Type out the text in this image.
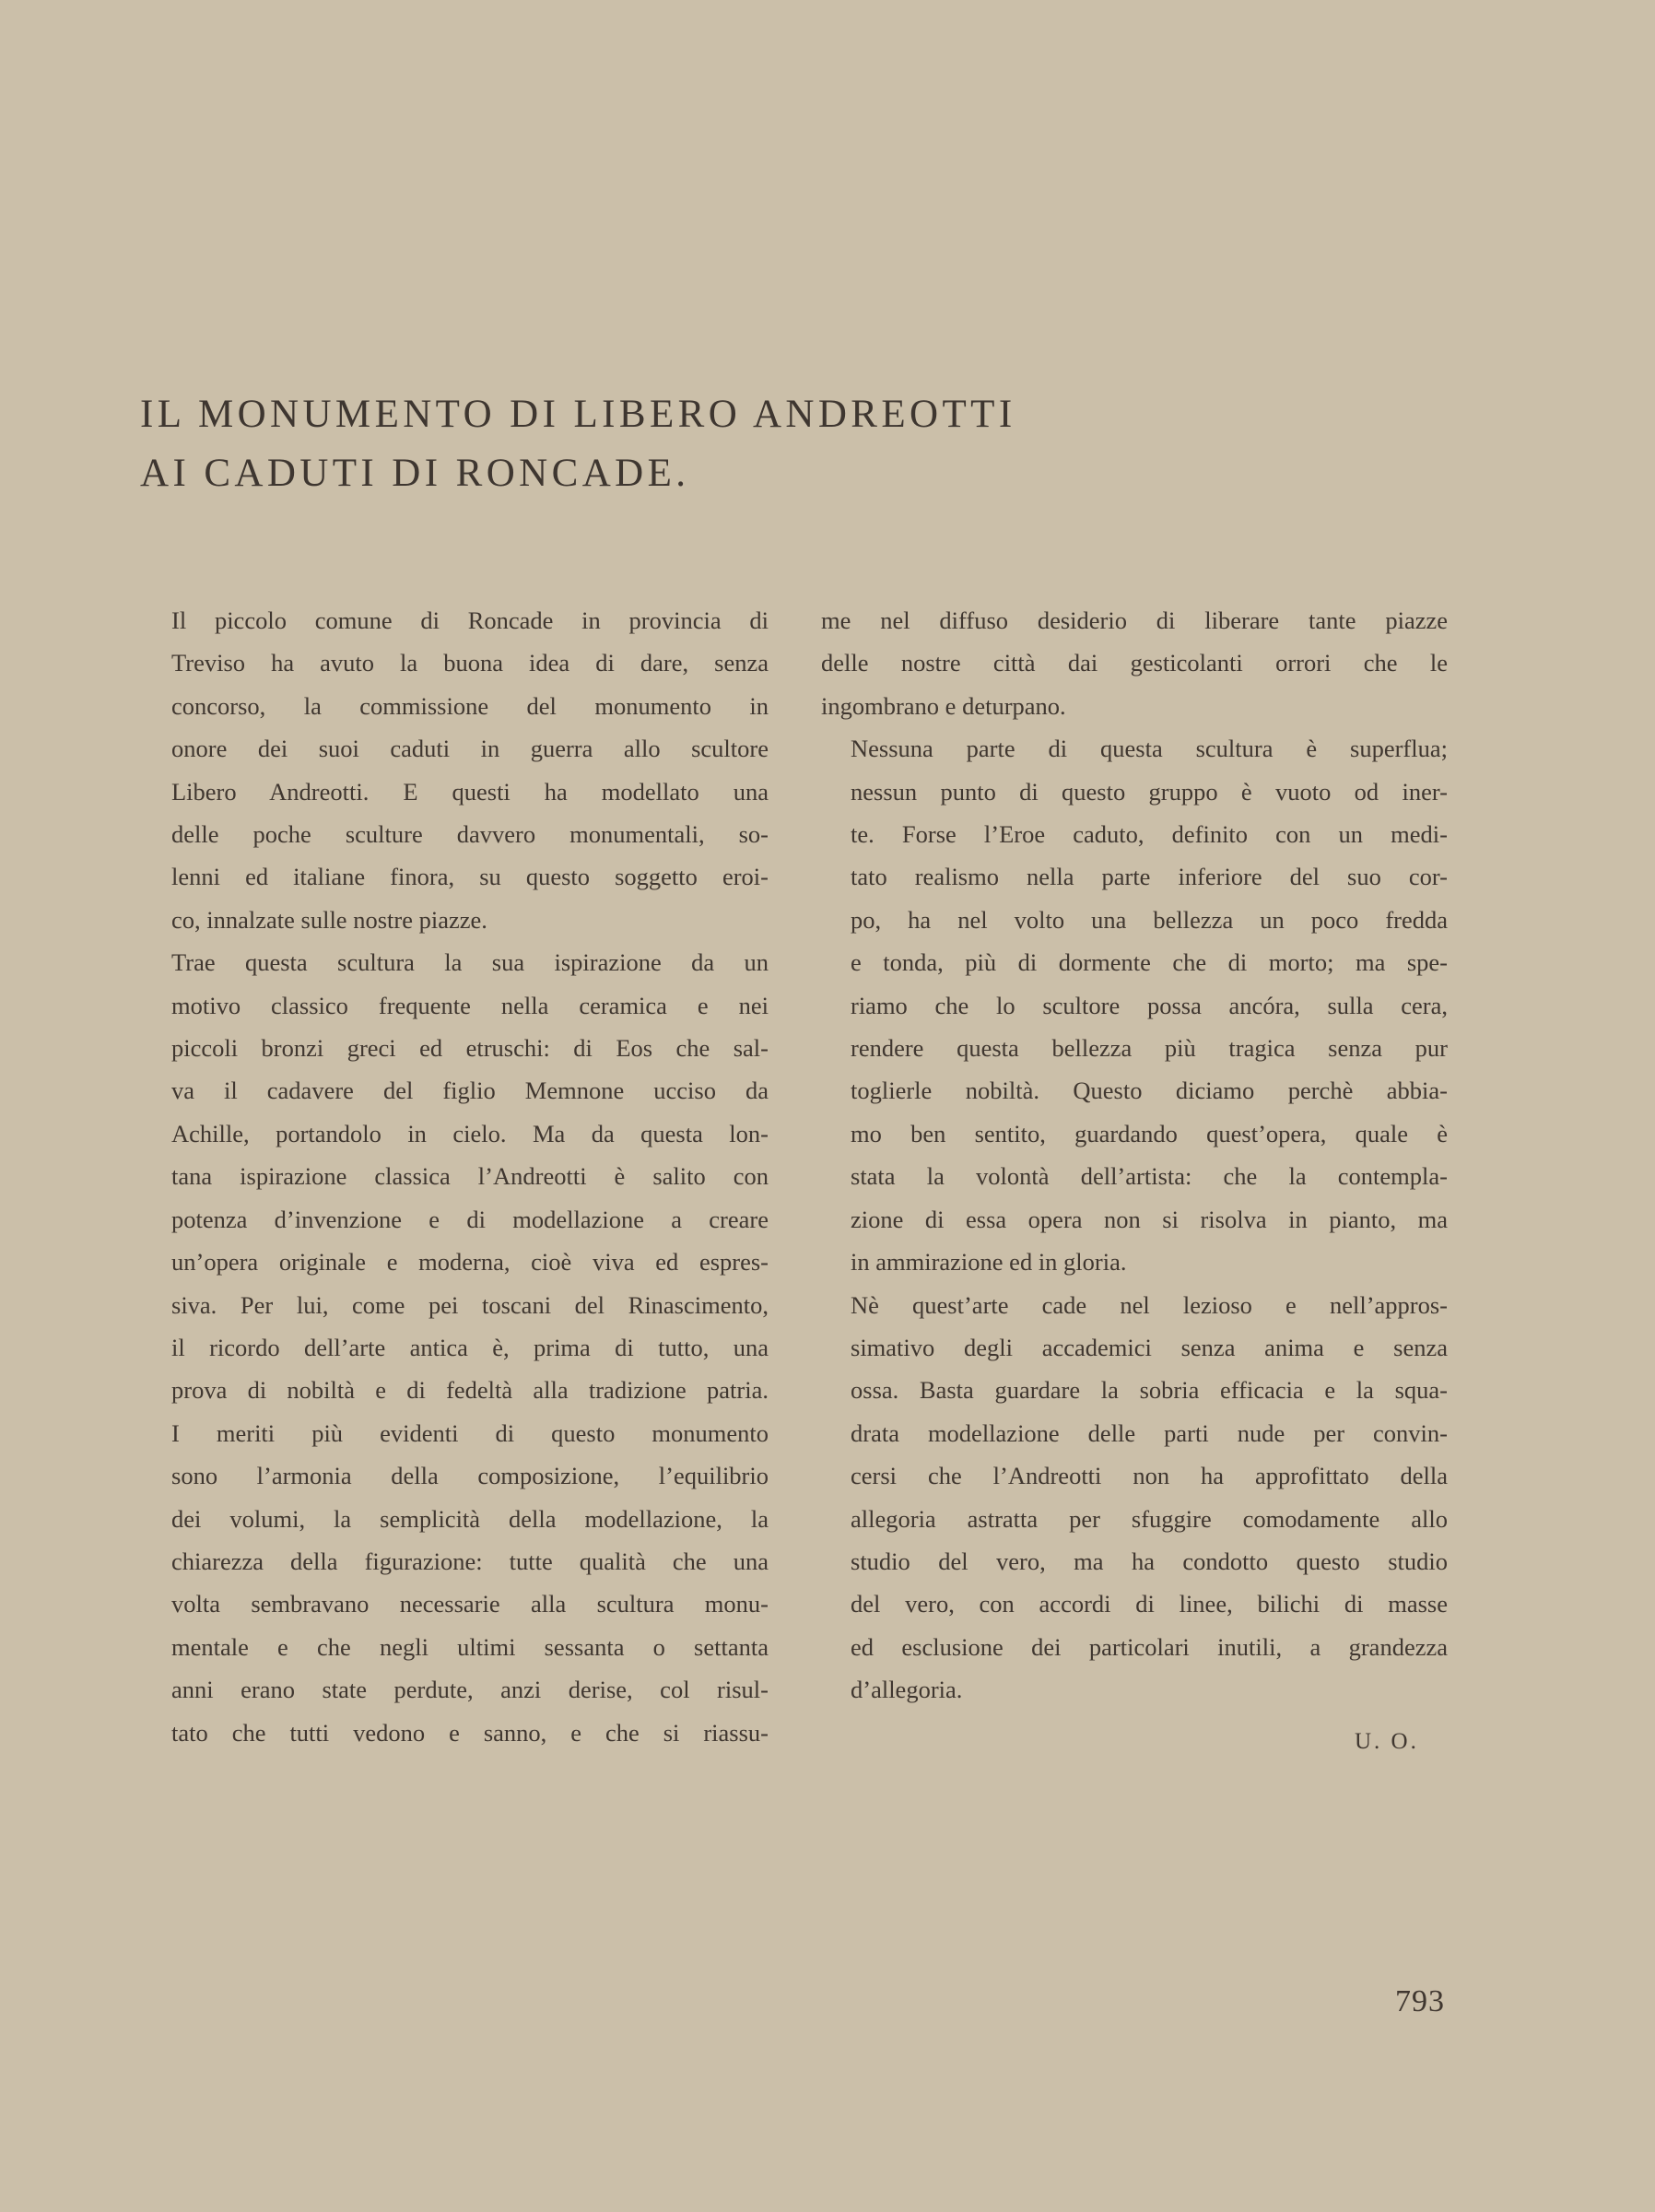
IL MONUMENTO DI LIBERO ANDREOTTI
AI CADUTI DI RONCADE.

Il piccolo comune di Roncade in provincia di
Treviso ha avuto la buona idea di dare, senza
concorso, la commissione del monumento in
onore dei suoi caduti in guerra allo scultore
Libero Andreotti. E questi ha modellato una
delle poche sculture davvero monumentali, so-
lenni ed italiane finora, su questo soggetto eroi-
co, innalzate sulle nostre piazze.

Trae questa scultura la sua ispirazione da un
motivo classico frequente nella ceramica e nei
piccoli bronzi greci ed etruschi: di Eos che sal-
va il cadavere del figlio Memnone ucciso da
Achille, portandolo in cielo. Ma da questa lon-
tana ispirazione classica l’Andreotti è salito con
potenza d’invenzione e di modellazione a creare
un’opera originale e moderna, cioè viva ed espres-
siva. Per lui, come pei toscani del Rinascimento,
il ricordo dell’arte antica è, prima di tutto, una
prova di nobiltà e di fedeltà alla tradizione patria.

I meriti più evidenti di questo monumento
sono l’armonia della composizione, l’equilibrio
dei volumi, la semplicità della modellazione, la
chiarezza della figurazione: tutte qualità che una
volta sembravano necessarie alla scultura monu-
mentale e che negli ultimi sessanta o settanta
anni erano state perdute, anzi derise, col risul-
tato che tutti vedono e sanno, e che si riassu-

me nel diffuso desiderio di liberare tante piazze
delle nostre città dai gesticolanti orrori che le
ingombrano e deturpano.

Nessuna parte di questa scultura è superflua;
nessun punto di questo gruppo è vuoto od iner-
te. Forse l’Eroe caduto, definito con un medi-
tato realismo nella parte inferiore del suo cor-
po, ha nel volto una bellezza un poco fredda
e tonda, più di dormente che di morto; ma spe-
riamo che lo scultore possa ancóra, sulla cera,
rendere questa bellezza più tragica senza pur
toglierle nobiltà. Questo diciamo perchè abbia-
mo ben sentito, guardando quest’opera, quale è
stata la volontà dell’artista: che la contempla-
zione di essa opera non si risolva in pianto, ma
in ammirazione ed in gloria.

Nè quest’arte cade nel lezioso e nell’appros-
simativo degli accademici senza anima e senza
ossa. Basta guardare la sobria efficacia e la squa-
drata modellazione delle parti nude per convin-
cersi che l’Andreotti non ha approfittato della
allegoria astratta per sfuggire comodamente allo
studio del vero, ma ha condotto questo studio
del vero, con accordi di linee, bilichi di masse
ed esclusione dei particolari inutili, a grandezza
d’allegoria.

U. O.
793
